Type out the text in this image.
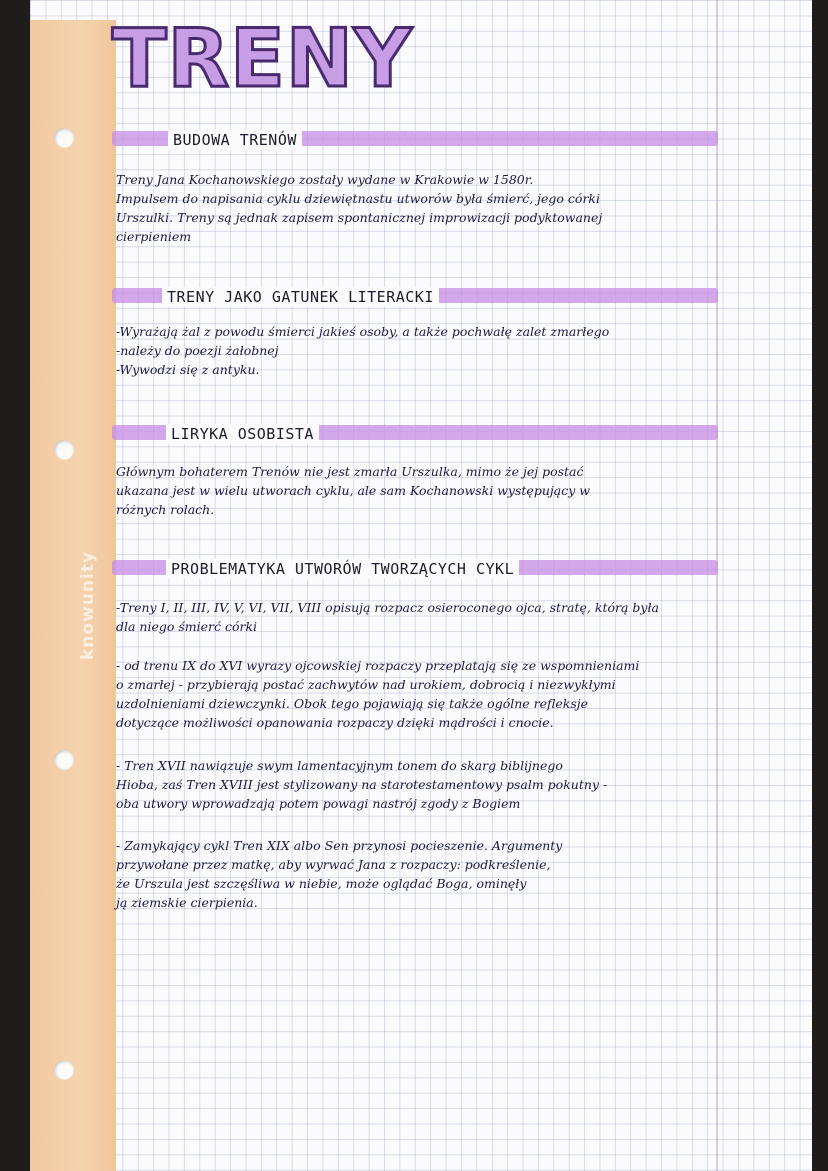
knowunity
TRENY
BUDOWA TRENÓW
Treny Jana Kochanowskiego zostały wydane w Krakowie w 1580r.
Impulsem do napisania cyklu dziewiętnastu utworów była śmierć, jego córki
Urszulki. Treny są jednak zapisem spontanicznej improwizacji podyktowanej
cierpieniem
TRENY JAKO GATUNEK LITERACKI
-Wyrażają żal z powodu śmierci jakieś osoby, a także pochwałę zalet zmarłego
-należy do poezji żałobnej
-Wywodzi się z antyku.
LIRYKA OSOBISTA
Głównym bohaterem Trenów nie jest zmarła Urszulka, mimo że jej postać
ukazana jest w wielu utworach cyklu, ale sam Kochanowski występujący w
różnych rolach.
PROBLEMATYKA UTWORÓW TWORZĄCYCH CYKL
-Treny I, II, III, IV, V, VI, VII, VIII opisują rozpacz osieroconego ojca, stratę, którą była
dla niego śmierć córki
- od trenu IX do XVI wyrazy ojcowskiej rozpaczy przeplatają się ze wspomnieniami
o zmarłej - przybierają postać zachwytów nad urokiem, dobrocią i niezwykłymi
uzdolnieniami dziewczynki. Obok tego pojawiają się także ogólne refleksje
dotyczące możliwości opanowania rozpaczy dzięki mądrości i cnocie.
- Tren XVII nawiązuje swym lamentacyjnym tonem do skarg biblijnego
Hioba, zaś Tren XVIII jest stylizowany na starotestamentowy psalm pokutny -
oba utwory wprowadzają potem powagi nastrój zgody z Bogiem
- Zamykający cykl Tren XIX albo Sen przynosi pocieszenie. Argumenty
przywołane przez matkę, aby wyrwać Jana z rozpaczy: podkreślenie,
że Urszula jest szczęśliwa w niebie, może oglądać Boga, ominęły
ją ziemskie cierpienia.
